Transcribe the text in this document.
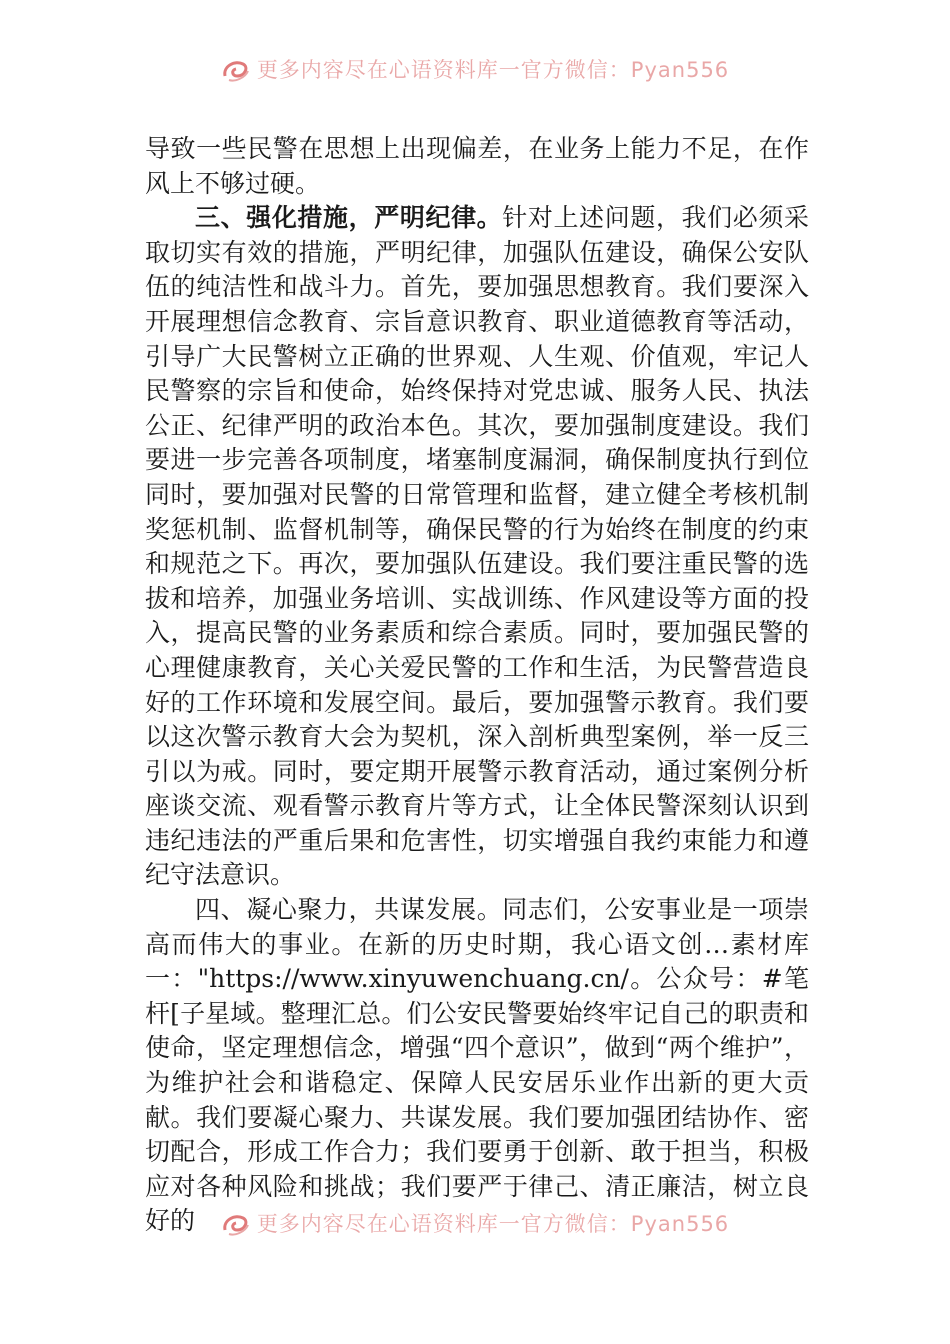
更多内容尽在心语资料库一官方微信：Pyan556

导致一些民警在思想上出现偏差，在业务上能力不足，在作风上不够过硬。

三、强化措施，严明纪律。针对上述问题，我们必须采取切实有效的措施，严明纪律，加强队伍建设，确保公安队伍的纯洁性和战斗力。首先，要加强思想教育。我们要深入开展理想信念教育、宗旨意识教育、职业道德教育等活动，引导广大民警树立正确的世界观、人生观、价值观，牢记人民警察的宗旨和使命，始终保持对党忠诚、服务人民、执法公正、纪律严明的政治本色。其次，要加强制度建设。我们要进一步完善各项制度，堵塞制度漏洞，确保制度执行到位同时，要加强对民警的日常管理和监督，建立健全考核机制奖惩机制、监督机制等，确保民警的行为始终在制度的约束和规范之下。再次，要加强队伍建设。我们要注重民警的选拔和培养，加强业务培训、实战训练、作风建设等方面的投入，提高民警的业务素质和综合素质。同时，要加强民警的心理健康教育，关心关爱民警的工作和生活，为民警营造良好的工作环境和发展空间。最后，要加强警示教育。我们要以这次警示教育大会为契机，深入剖析典型案例，举一反三引以为戒。同时，要定期开展警示教育活动，通过案例分析座谈交流、观看警示教育片等方式，让全体民警深刻认识到违纪违法的严重后果和危害性，切实增强自我约束能力和遵纪守法意识。

四、凝心聚力，共谋发展。同志们，公安事业是一项崇高而伟大的事业。在新的历史时期，我心语文创…素材库一："https://www.xinyuwenchuang.cn/。公众号：#笔杆[子星域。整理汇总。们公安民警要始终牢记自己的职责和使命，坚定理想信念，增强“四个意识”，做到“两个维护”，为维护社会和谐稳定、保障人民安居乐业作出新的更大贡献。我们要凝心聚力、共谋发展。我们要加强团结协作、密切配合，形成工作合力；我们要勇于创新、敢于担当，积极应对各种风险和挑战；我们要严于律己、清正廉洁，树立良好的	更多内容尽在心语资料库一官方微信：Pyan556
